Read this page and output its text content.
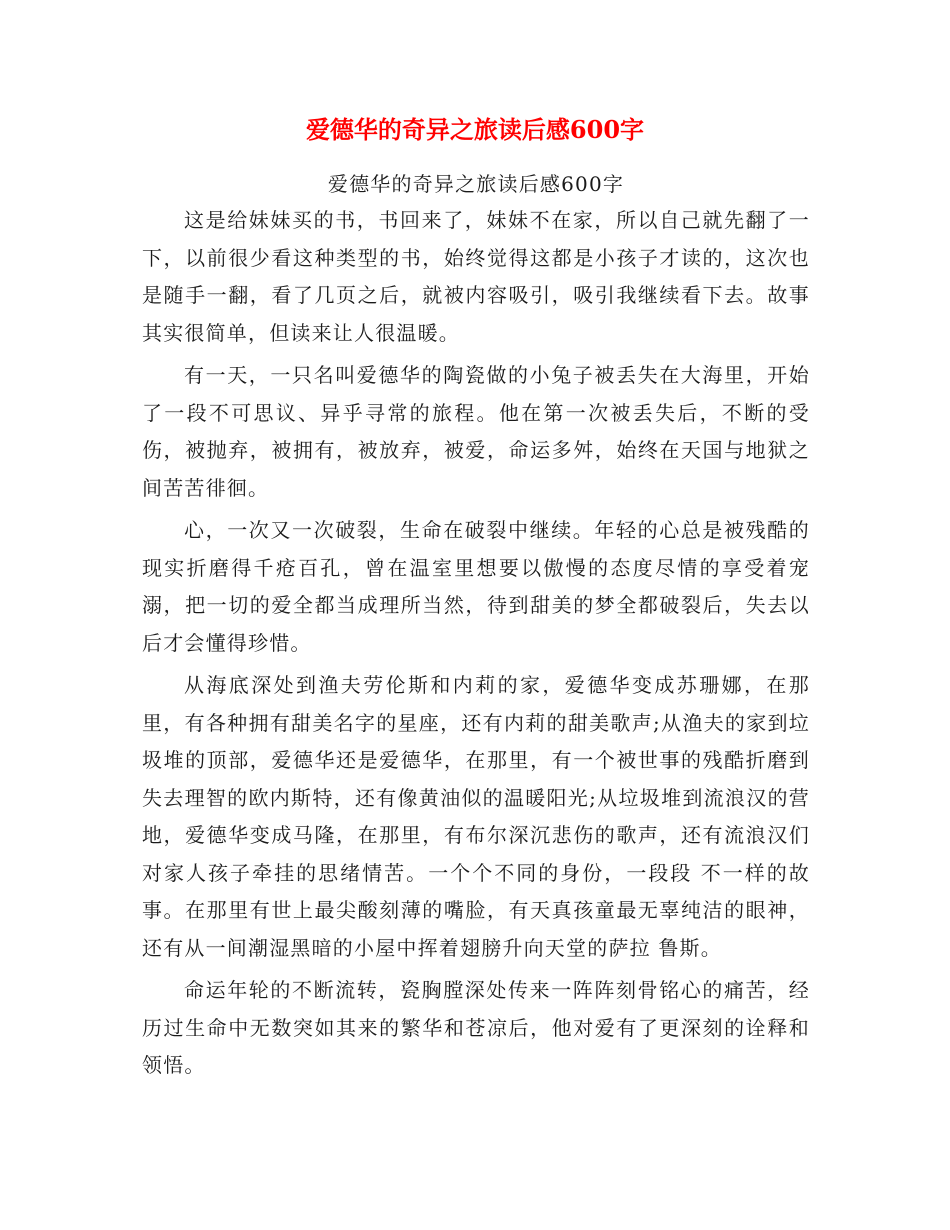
爱德华的奇异之旅读后感600字

爱德华的奇异之旅读后感600字

这是给妹妹买的书，书回来了，妹妹不在家，所以自己就先翻了一下，以前很少看这种类型的书，始终觉得这都是小孩子才读的，这次也是随手一翻，看了几页之后，就被内容吸引，吸引我继续看下去。故事其实很简单，但读来让人很温暖。

有一天，一只名叫爱德华的陶瓷做的小兔子被丢失在大海里，开始了一段不可思议、异乎寻常的旅程。他在第一次被丢失后，不断的受伤，被抛弃，被拥有，被放弃，被爱，命运多舛，始终在天国与地狱之间苦苦徘徊。

心，一次又一次破裂，生命在破裂中继续。年轻的心总是被残酷的现实折磨得千疮百孔，曾在温室里想要以傲慢的态度尽情的享受着宠溺，把一切的爱全都当成理所当然，待到甜美的梦全都破裂后，失去以后才会懂得珍惜。

从海底深处到渔夫劳伦斯和内莉的家，爱德华变成苏珊娜，在那里，有各种拥有甜美名字的星座，还有内莉的甜美歌声;从渔夫的家到垃圾堆的顶部，爱德华还是爱德华，在那里，有一个被世事的残酷折磨到失去理智的欧内斯特，还有像黄油似的温暖阳光;从垃圾堆到流浪汉的营地，爱德华变成马隆，在那里，有布尔深沉悲伤的歌声，还有流浪汉们对家人孩子牵挂的思绪情苦。一个个不同的身份，一段段 不一样的故事。在那里有世上最尖酸刻薄的嘴脸，有天真孩童最无辜纯洁的眼神，还有从一间潮湿黑暗的小屋中挥着翅膀升向天堂的萨拉 鲁斯。

命运年轮的不断流转，瓷胸膛深处传来一阵阵刻骨铭心的痛苦，经历过生命中无数突如其来的繁华和苍凉后，他对爱有了更深刻的诠释和领悟。
